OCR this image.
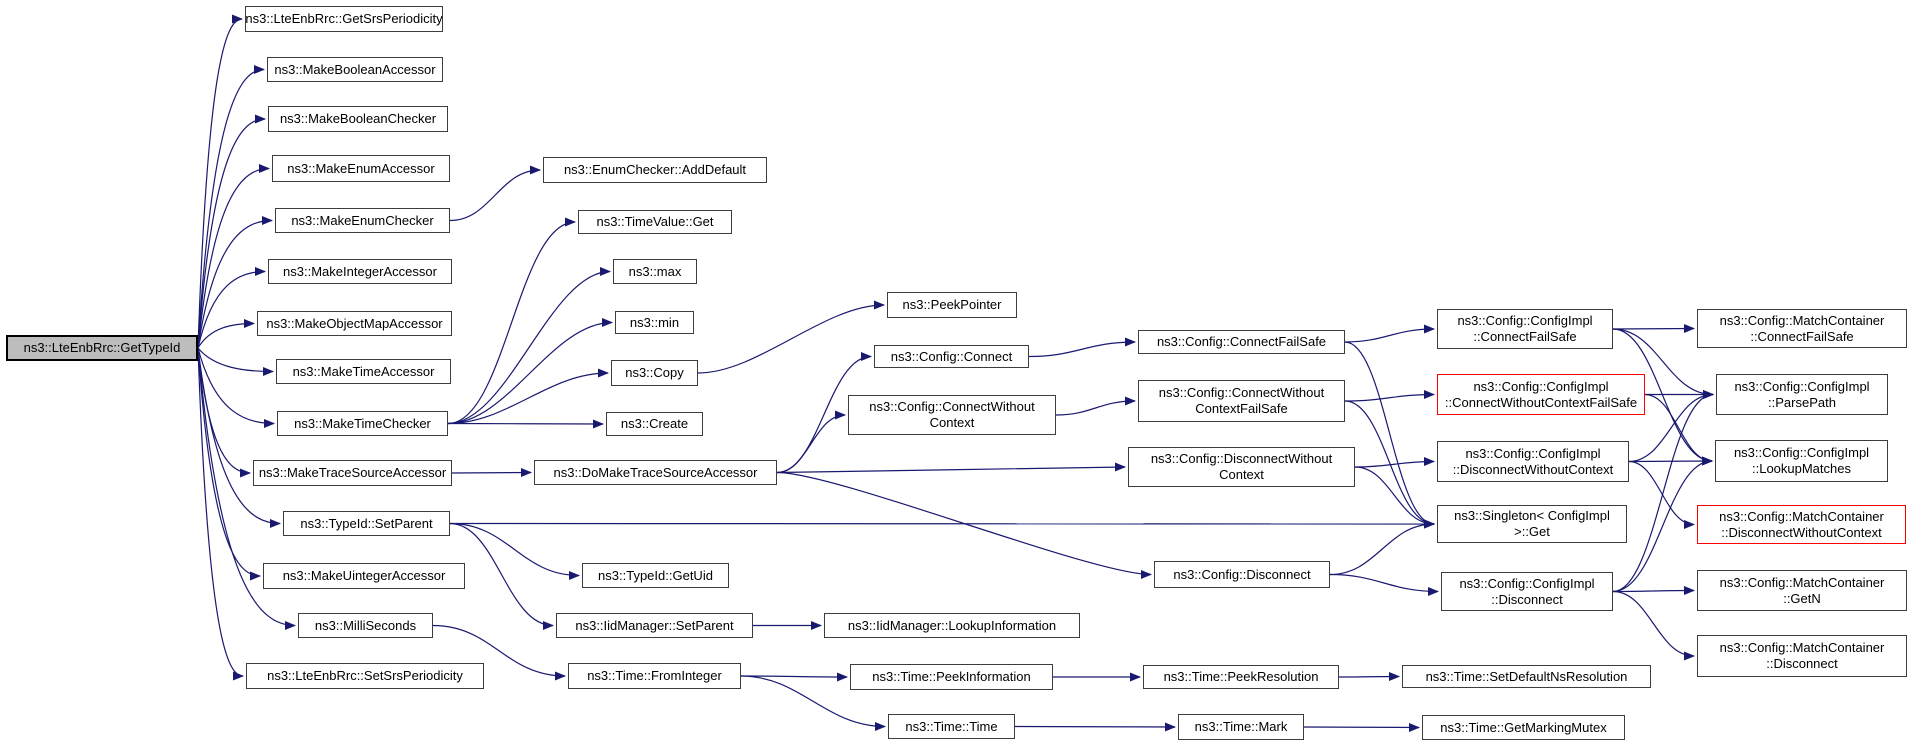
ns3::LteEnbRrc::GetTypeId
ns3::LteEnbRrc::GetSrsPeriodicity
ns3::MakeBooleanAccessor
ns3::MakeBooleanChecker
ns3::MakeEnumAccessor
ns3::MakeEnumChecker
ns3::MakeIntegerAccessor
ns3::MakeObjectMapAccessor
ns3::MakeTimeAccessor
ns3::MakeTimeChecker
ns3::MakeTraceSourceAccessor
ns3::TypeId::SetParent
ns3::MakeUintegerAccessor
ns3::MilliSeconds
ns3::LteEnbRrc::SetSrsPeriodicity
ns3::EnumChecker::AddDefault
ns3::TimeValue::Get
ns3::max
ns3::min
ns3::Copy
ns3::Create
ns3::DoMakeTraceSourceAccessor
ns3::TypeId::GetUid
ns3::IidManager::SetParent
ns3::Time::FromInteger
ns3::PeekPointer
ns3::Config::Connect
ns3::Config::ConnectWithout
Context
ns3::IidManager::LookupInformation
ns3::Time::PeekInformation
ns3::Time::Time
ns3::Config::ConnectFailSafe
ns3::Config::ConnectWithout
ContextFailSafe
ns3::Config::DisconnectWithout
Context
ns3::Config::Disconnect
ns3::Time::PeekResolution
ns3::Time::Mark
ns3::Config::ConfigImpl
::ConnectFailSafe
ns3::Config::ConfigImpl
::ConnectWithoutContextFailSafe
ns3::Config::ConfigImpl
::DisconnectWithoutContext
ns3::Singleton< ConfigImpl
>::Get
ns3::Config::ConfigImpl
::Disconnect
ns3::Time::SetDefaultNsResolution
ns3::Time::GetMarkingMutex
ns3::Config::MatchContainer
::ConnectFailSafe
ns3::Config::ConfigImpl
::ParsePath
ns3::Config::ConfigImpl
::LookupMatches
ns3::Config::MatchContainer
::DisconnectWithoutContext
ns3::Config::MatchContainer
::GetN
ns3::Config::MatchContainer
::Disconnect
